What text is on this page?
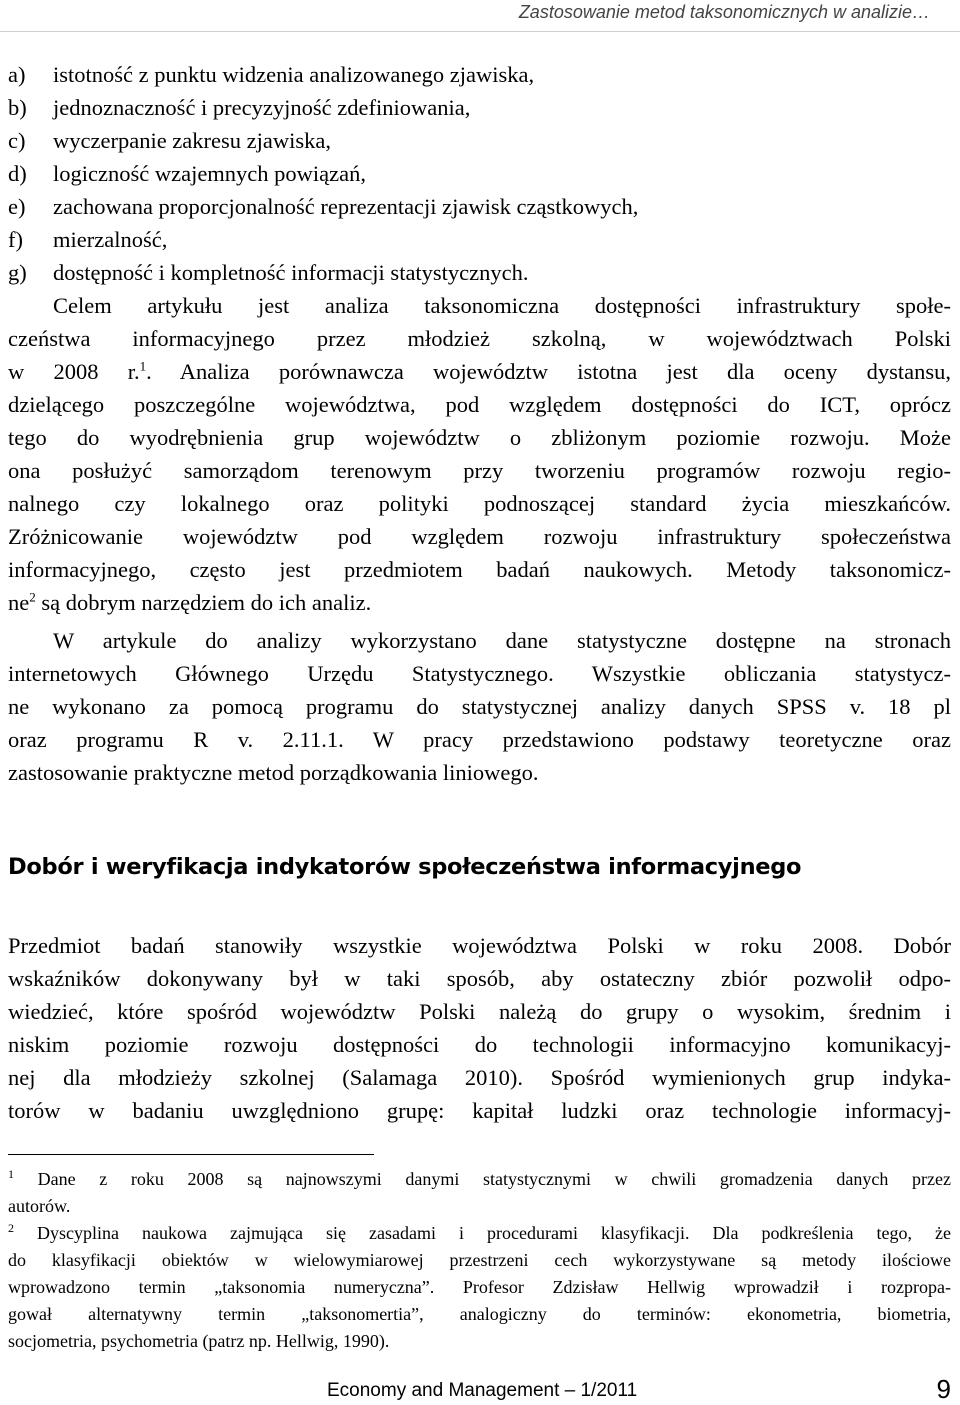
Zastosowanie metod taksonomicznych w analizie…
a)	istotność z punktu widzenia analizowanego zjawiska,
b)	jednoznaczność i precyzyjność zdefiniowania,
c)	wyczerpanie zakresu zjawiska,
d)	logiczność wzajemnych powiązań,
e)	zachowana proporcjonalność reprezentacji zjawisk cząstkowych,
f)	mierzalność,
g)	dostępność i kompletność informacji statystycznych.
Celem artykułu jest analiza taksonomiczna dostępności infrastruktury społe-
czeństwa informacyjnego przez młodzież szkolną, w województwach Polski
w 2008 r.$^1$. Analiza porównawcza województw istotna jest dla oceny dystansu,
dzielącego poszczególne województwa, pod względem dostępności do ICT, oprócz
tego do wyodrębnienia grup województw o zbliżonym poziomie rozwoju. Może
ona posłużyć samorządom terenowym przy tworzeniu programów rozwoju regio-
nalnego czy lokalnego oraz polityki podnoszącej standard życia mieszkańców.
Zróżnicowanie województw pod względem rozwoju infrastruktury społeczeństwa
informacyjnego, często jest przedmiotem badań naukowych. Metody taksonomicz-
$ne^2$ są dobrym narzędziem do ich analiz.
W artykule do analizy wykorzystano dane statystyczne dostępne na stronach
internetowych Głównego Urzędu Statystycznego. Wszystkie obliczania statystycz-
ne wykonano za pomocą programu do statystycznej analizy danych SPSS v. 18 pl
oraz programu R v. 2.11.1. W pracy przedstawiono podstawy teoretyczne oraz
zastosowanie praktyczne metod porządkowania liniowego.
Dobór i weryfikacja indykatorów społeczeństwa informacyjnego
Przedmiot badań stanowiły wszystkie województwa Polski w roku 2008. Dobór
wskaźników dokonywany był w taki sposób, aby ostateczny zbiór pozwolił odpo-
wiedzieć, które spośród województw Polski należą do grupy o wysokim, średnim i
niskim poziomie rozwoju dostępności do technologii informacyjno komunikacyj-
nej dla młodzieży szkolnej (Salamaga 2010). Spośród wymienionych grup indyka-
torów w badaniu uwzględniono grupę: kapitał ludzki oraz technologie informacyj-
$^1$ Dane z roku 2008 są najnowszymi danymi statystycznymi w chwili gromadzenia danych przez
autorów.
$^2$ Dyscyplina naukowa zajmująca się zasadami i procedurami klasyfikacji. Dla podkreślenia tego, że
do klasyfikacji obiektów w wielowymiarowej przestrzeni cech wykorzystywane są metody ilościowe
wprowadzono termin „taksonomia numeryczna”. Profesor Zdzisław Hellwig wprowadził i rozpropa-
gował alternatywny termin „taksonomertia”, analogiczny do terminów: ekonometria, biometria,
socjometria, psychometria (patrz np. Hellwig, 1990).
Economy and Management – 1/2011	9
